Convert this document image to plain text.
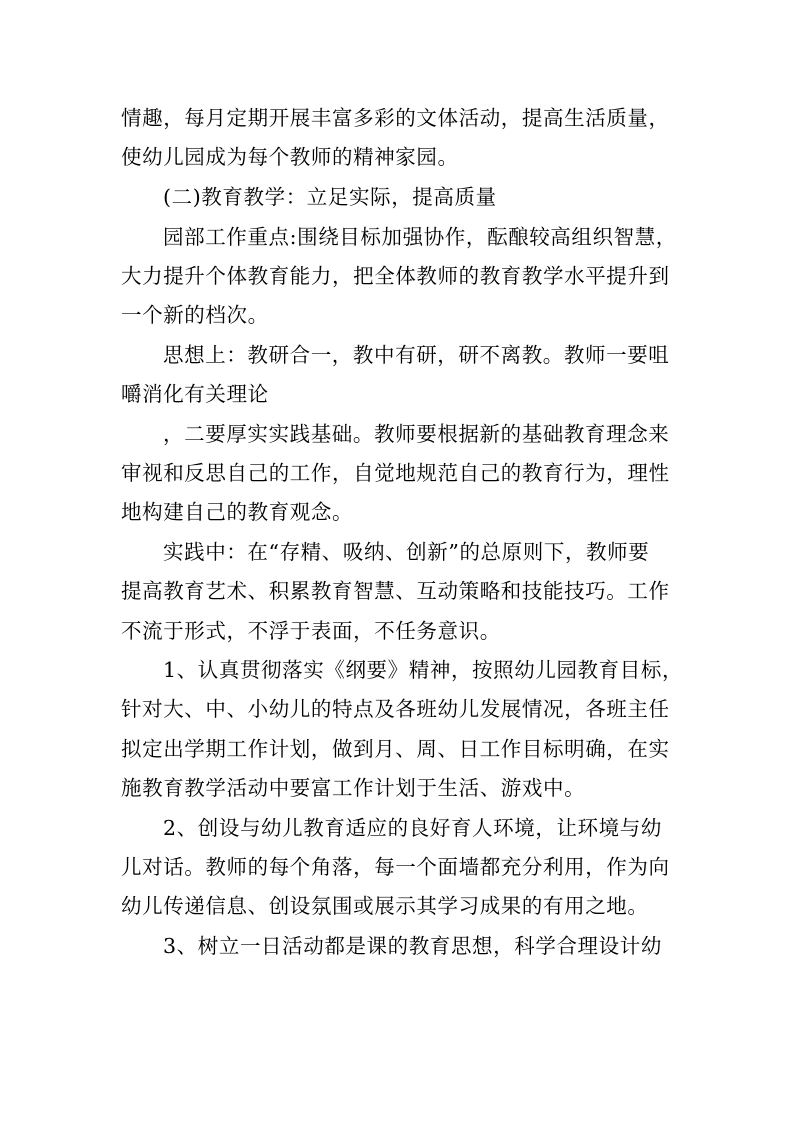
情趣，每月定期开展丰富多彩的文体活动，提高生活质量，
使幼儿园成为每个教师的精神家园。
(二)教育教学：立足实际，提高质量
园部工作重点:围绕目标加强协作，酝酿较高组织智慧，
大力提升个体教育能力，把全体教师的教育教学水平提升到
一个新的档次。
思想上：教研合一，教中有研，研不离教。教师一要咀
嚼消化有关理论
，二要厚实实践基础。教师要根据新的基础教育理念来
审视和反思自己的工作，自觉地规范自己的教育行为，理性
地构建自己的教育观念。
实践中：在“存精、吸纳、创新”的总原则下，教师要
提高教育艺术、积累教育智慧、互动策略和技能技巧。工作
不流于形式，不浮于表面，不任务意识。
1、认真贯彻落实《纲要》精神，按照幼儿园教育目标，
针对大、中、小幼儿的特点及各班幼儿发展情况，各班主任
拟定出学期工作计划，做到月、周、日工作目标明确，在实
施教育教学活动中要富工作计划于生活、游戏中。
2、创设与幼儿教育适应的良好育人环境，让环境与幼
儿对话。教师的每个角落，每一个面墙都充分利用，作为向
幼儿传递信息、创设氛围或展示其学习成果的有用之地。
3、树立一日活动都是课的教育思想，科学合理设计幼
